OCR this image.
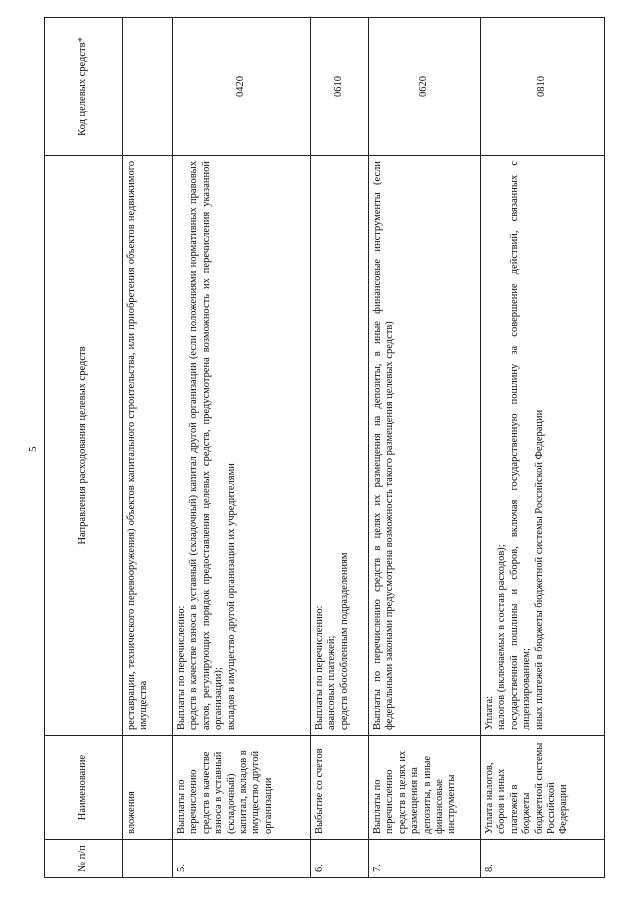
5
№ п/п	Наименование	Направления расходования целевых средств	Код целевых средств*
	вложения	реставрации, технического перевооружения) объектов капитального строительства, или приобретения объектов недвижимого имущества	

5.	Выплаты по перечислению средств в качестве взноса в уставный (складочный) капитал, вкладов в имущество другой организации	Выплаты по перечислению: средств в качестве взноса в уставный (складочный) капитал другой организации (если положениями нормативных правовых актов, регулирующих порядок предоставления целевых средств, предусмотрена возможность их перечисления указанной организации); вкладов в имущество другой организации их учредителями	0420
6.	Выбытие со счетов	Выплаты по перечислению: авансовых платежей; средств обособленным подразделениям	0610
7.	Выплаты по перечислению средств в целях их размещения на депозиты, в иные финансовые инструменты	Выплаты по перечислению средств в целях их размещения на депозиты, в иные финансовые инструменты (если федеральными законами предусмотрена возможность такого размещения целевых средств)	0620
8.	Уплата налогов, сборов и иных платежей в бюджеты бюджетной системы Российской Федерации	Уплата: налогов (включаемых в состав расходов); государственной пошлины и сборов, включая государственную пошлину за совершение действий, связанных с лицензированием; иных платежей в бюджеты бюджетной системы Российской Федерации	0810
